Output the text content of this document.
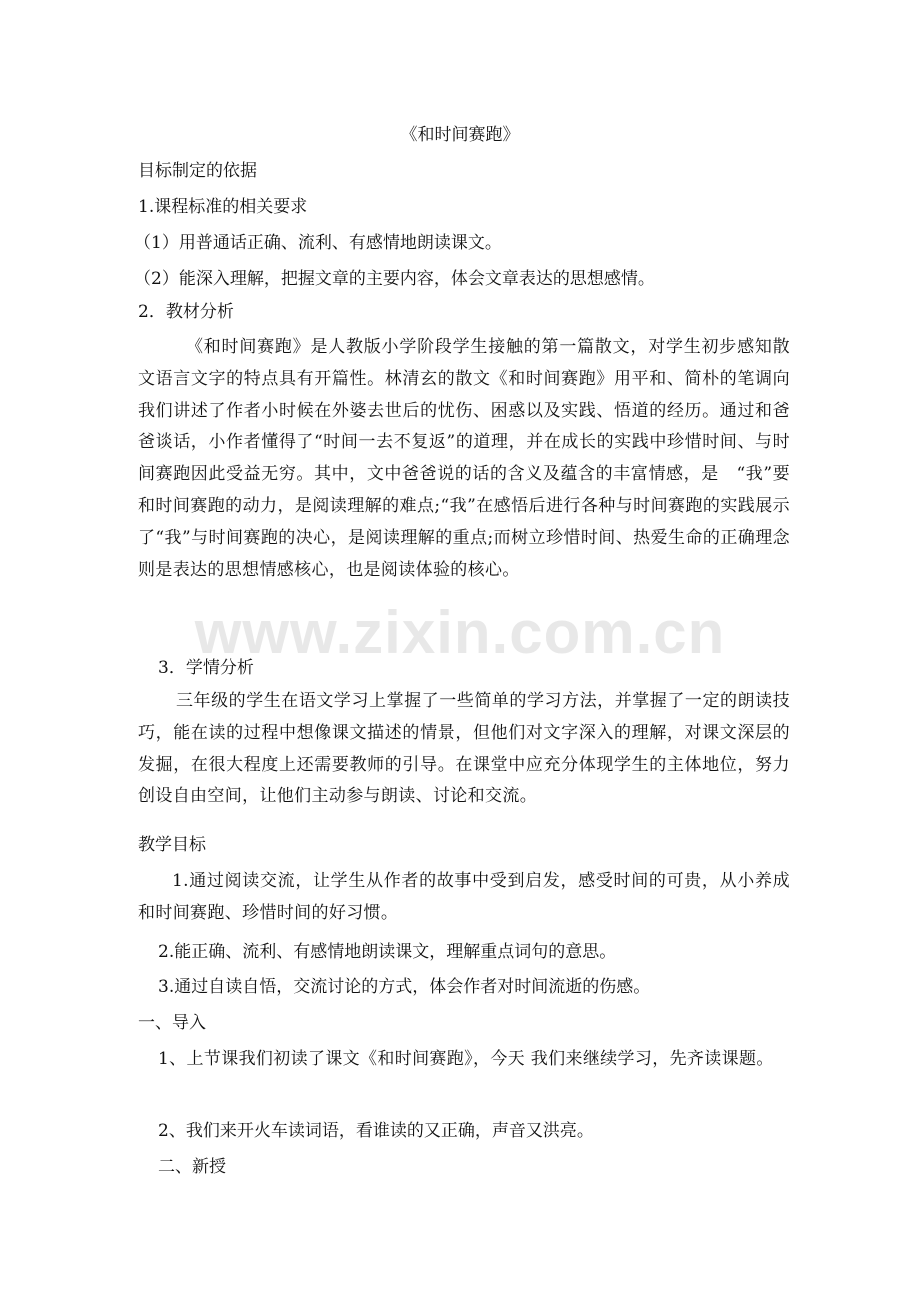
《和时间赛跑》
目标制定的依据
1.课程标准的相关要求
（1）用普通话正确、流利、有感情地朗读课文。
（2）能深入理解，把握文章的主要内容，体会文章表达的思想感情。
2．教材分析
《和时间赛跑》是人教版小学阶段学生接触的第一篇散文，对学生初步感知散文语言文字的特点具有开篇性。林清玄的散文《和时间赛跑》用平和、简朴的笔调向我们讲述了作者小时候在外婆去世后的忧伤、困惑以及实践、悟道的经历。通过和爸爸谈话，小作者懂得了“时间一去不复返”的道理，并在成长的实践中珍惜时间、与时间赛跑因此受益无穷。其中，文中爸爸说的话的含义及蕴含的丰富情感，是　“我”要和时间赛跑的动力，是阅读理解的难点;“我”在感悟后进行各种与时间赛跑的实践展示了“我”与时间赛跑的决心，是阅读理解的重点;而树立珍惜时间、热爱生命的正确理念则是表达的思想情感核心，也是阅读体验的核心。
3．学情分析
三年级的学生在语文学习上掌握了一些简单的学习方法，并掌握了一定的朗读技巧，能在读的过程中想像课文描述的情景，但他们对文字深入的理解，对课文深层的发掘，在很大程度上还需要教师的引导。在课堂中应充分体现学生的主体地位，努力创设自由空间，让他们主动参与朗读、讨论和交流。
教学目标
1.通过阅读交流，让学生从作者的故事中受到启发，感受时间的可贵，从小养成和时间赛跑、珍惜时间的好习惯。
2.能正确、流利、有感情地朗读课文，理解重点词句的意思。
3.通过自读自悟，交流讨论的方式，体会作者对时间流逝的伤感。
一、导入
1、上节课我们初读了课文《和时间赛跑》，今天 我们来继续学习，先齐读课题。
2、我们来开火车读词语，看谁读的又正确，声音又洪亮。
二、新授
www.zixin.com.cn
